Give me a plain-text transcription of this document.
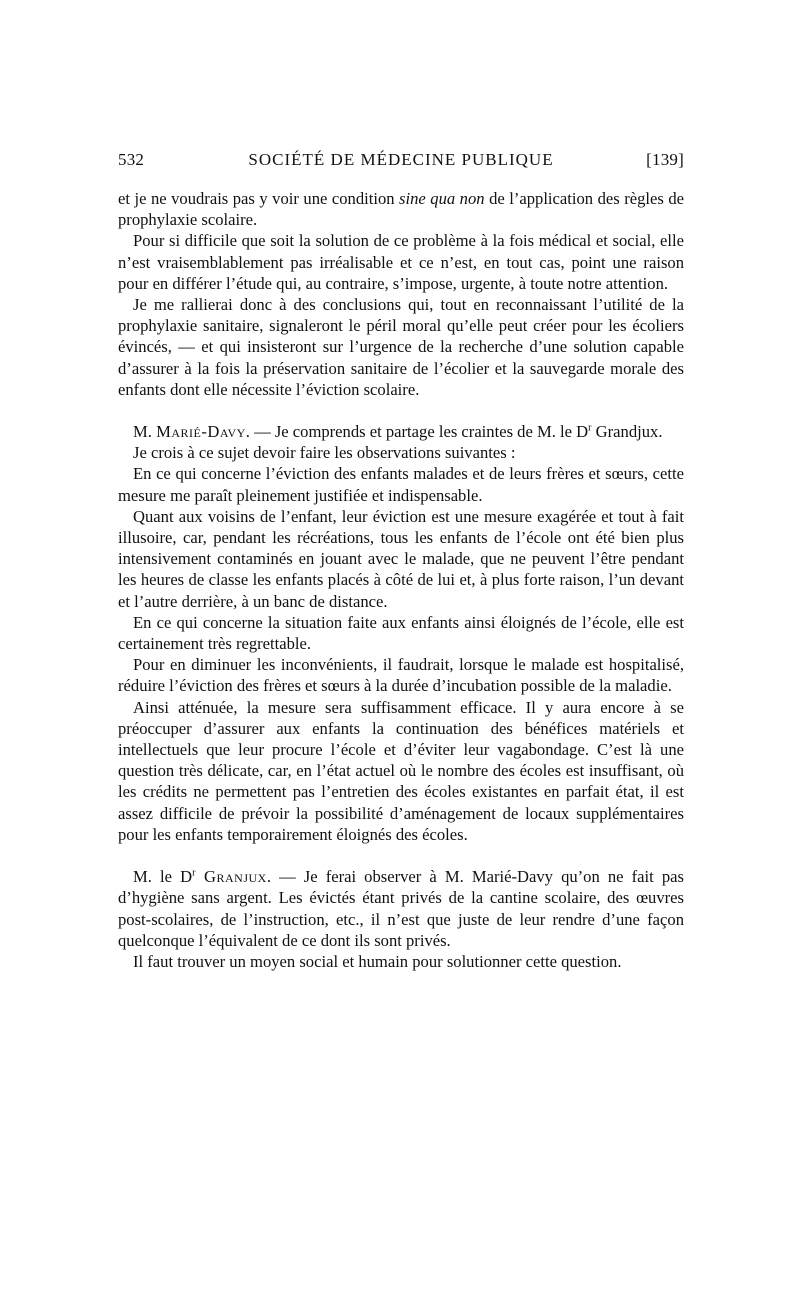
532	SOCIÉTÉ DE MÉDECINE PUBLIQUE	[139]

et je ne voudrais pas y voir une condition sine qua non de l’application des règles de prophylaxie scolaire.

Pour si difficile que soit la solution de ce problème à la fois médical et social, elle n’est vraisemblablement pas irréalisable et ce n’est, en tout cas, point une raison pour en différer l’étude qui, au contraire, s’impose, urgente, à toute notre attention.

Je me rallierai donc à des conclusions qui, tout en reconnaissant l’utilité de la prophylaxie sanitaire, signaleront le péril moral qu’elle peut créer pour les écoliers évincés, — et qui insisteront sur l’urgence de la recherche d’une solution capable d’assurer à la fois la préservation sanitaire de l’écolier et la sauvegarde morale des enfants dont elle nécessite l’éviction scolaire.

M. Marié-Davy. — Je comprends et partage les craintes de M. le $D^r$ Grandjux.

Je crois à ce sujet devoir faire les observations suivantes :

En ce qui concerne l’éviction des enfants malades et de leurs frères et sœurs, cette mesure me paraît pleinement justifiée et indispensable.

Quant aux voisins de l’enfant, leur éviction est une mesure exagérée et tout à fait illusoire, car, pendant les récréations, tous les enfants de l’école ont été bien plus intensivement contaminés en jouant avec le malade, que ne peuvent l’être pendant les heures de classe les enfants placés à côté de lui et, à plus forte raison, l’un devant et l’autre derrière, à un banc de distance.

En ce qui concerne la situation faite aux enfants ainsi éloignés de l’école, elle est certainement très regrettable.

Pour en diminuer les inconvénients, il faudrait, lorsque le malade est hospitalisé, réduire l’éviction des frères et sœurs à la durée d’incubation possible de la maladie.

Ainsi atténuée, la mesure sera suffisamment efficace. Il y aura encore à se préoccuper d’assurer aux enfants la continuation des bénéfices matériels et intellectuels que leur procure l’école et d’éviter leur vagabondage. C’est là une question très délicate, car, en l’état actuel où le nombre des écoles est insuffisant, où les crédits ne permettent pas l’entretien des écoles existantes en parfait état, il est assez difficile de prévoir la possibilité d’aménagement de locaux supplémentaires pour les enfants temporairement éloignés des écoles.

M. le $D^r$ Granjux. — Je ferai observer à M. Marié-Davy qu’on ne fait pas d’hygiène sans argent. Les évictés étant privés de la cantine scolaire, des œuvres post-scolaires, de l’instruction, etc., il n’est que juste de leur rendre d’une façon quelconque l’équivalent de ce dont ils sont privés.

Il faut trouver un moyen social et humain pour solutionner cette question.
